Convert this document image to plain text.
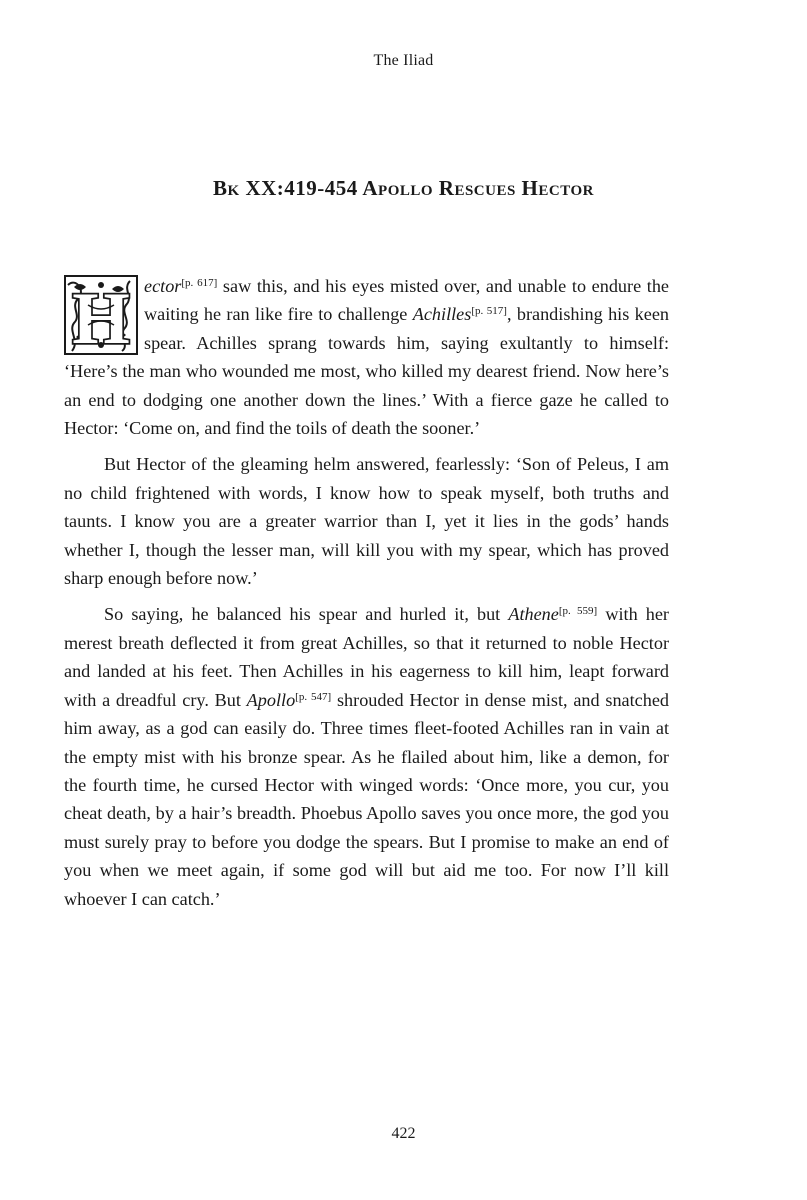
The Iliad
Bk XX:419-454 Apollo Rescues Hector

H ector[p. 617] saw this, and his eyes misted over, and unable to endure the waiting he ran like fire to challenge Achilles[p. 517], brandishing his keen spear. Achilles sprang towards him, saying exultantly to himself: ‘Here’s the man who wounded me most, who killed my dearest friend. Now here’s an end to dodging one another down the lines.’ With a fierce gaze he called to Hector: ‘Come on, and find the toils of death the sooner.’

But Hector of the gleaming helm answered, fearlessly: ‘Son of Peleus, I am no child frightened with words, I know how to speak myself, both truths and taunts. I know you are a greater warrior than I, yet it lies in the gods’ hands whether I, though the lesser man, will kill you with my spear, which has proved sharp enough before now.’

So saying, he balanced his spear and hurled it, but Athene[p. 559] with her merest breath deflected it from great Achilles, so that it returned to noble Hector and landed at his feet. Then Achilles in his eagerness to kill him, leapt forward with a dreadful cry. But Apollo[p. 547] shrouded Hector in dense mist, and snatched him away, as a god can easily do. Three times fleet-footed Achilles ran in vain at the empty mist with his bronze spear. As he flailed about him, like a demon, for the fourth time, he cursed Hector with winged words: ‘Once more, you cur, you cheat death, by a hair’s breadth. Phoebus Apollo saves you once more, the god you must surely pray to before you dodge the spears. But I promise to make an end of you when we meet again, if some god will but aid me too. For now I’ll kill whoever I can catch.’

422
